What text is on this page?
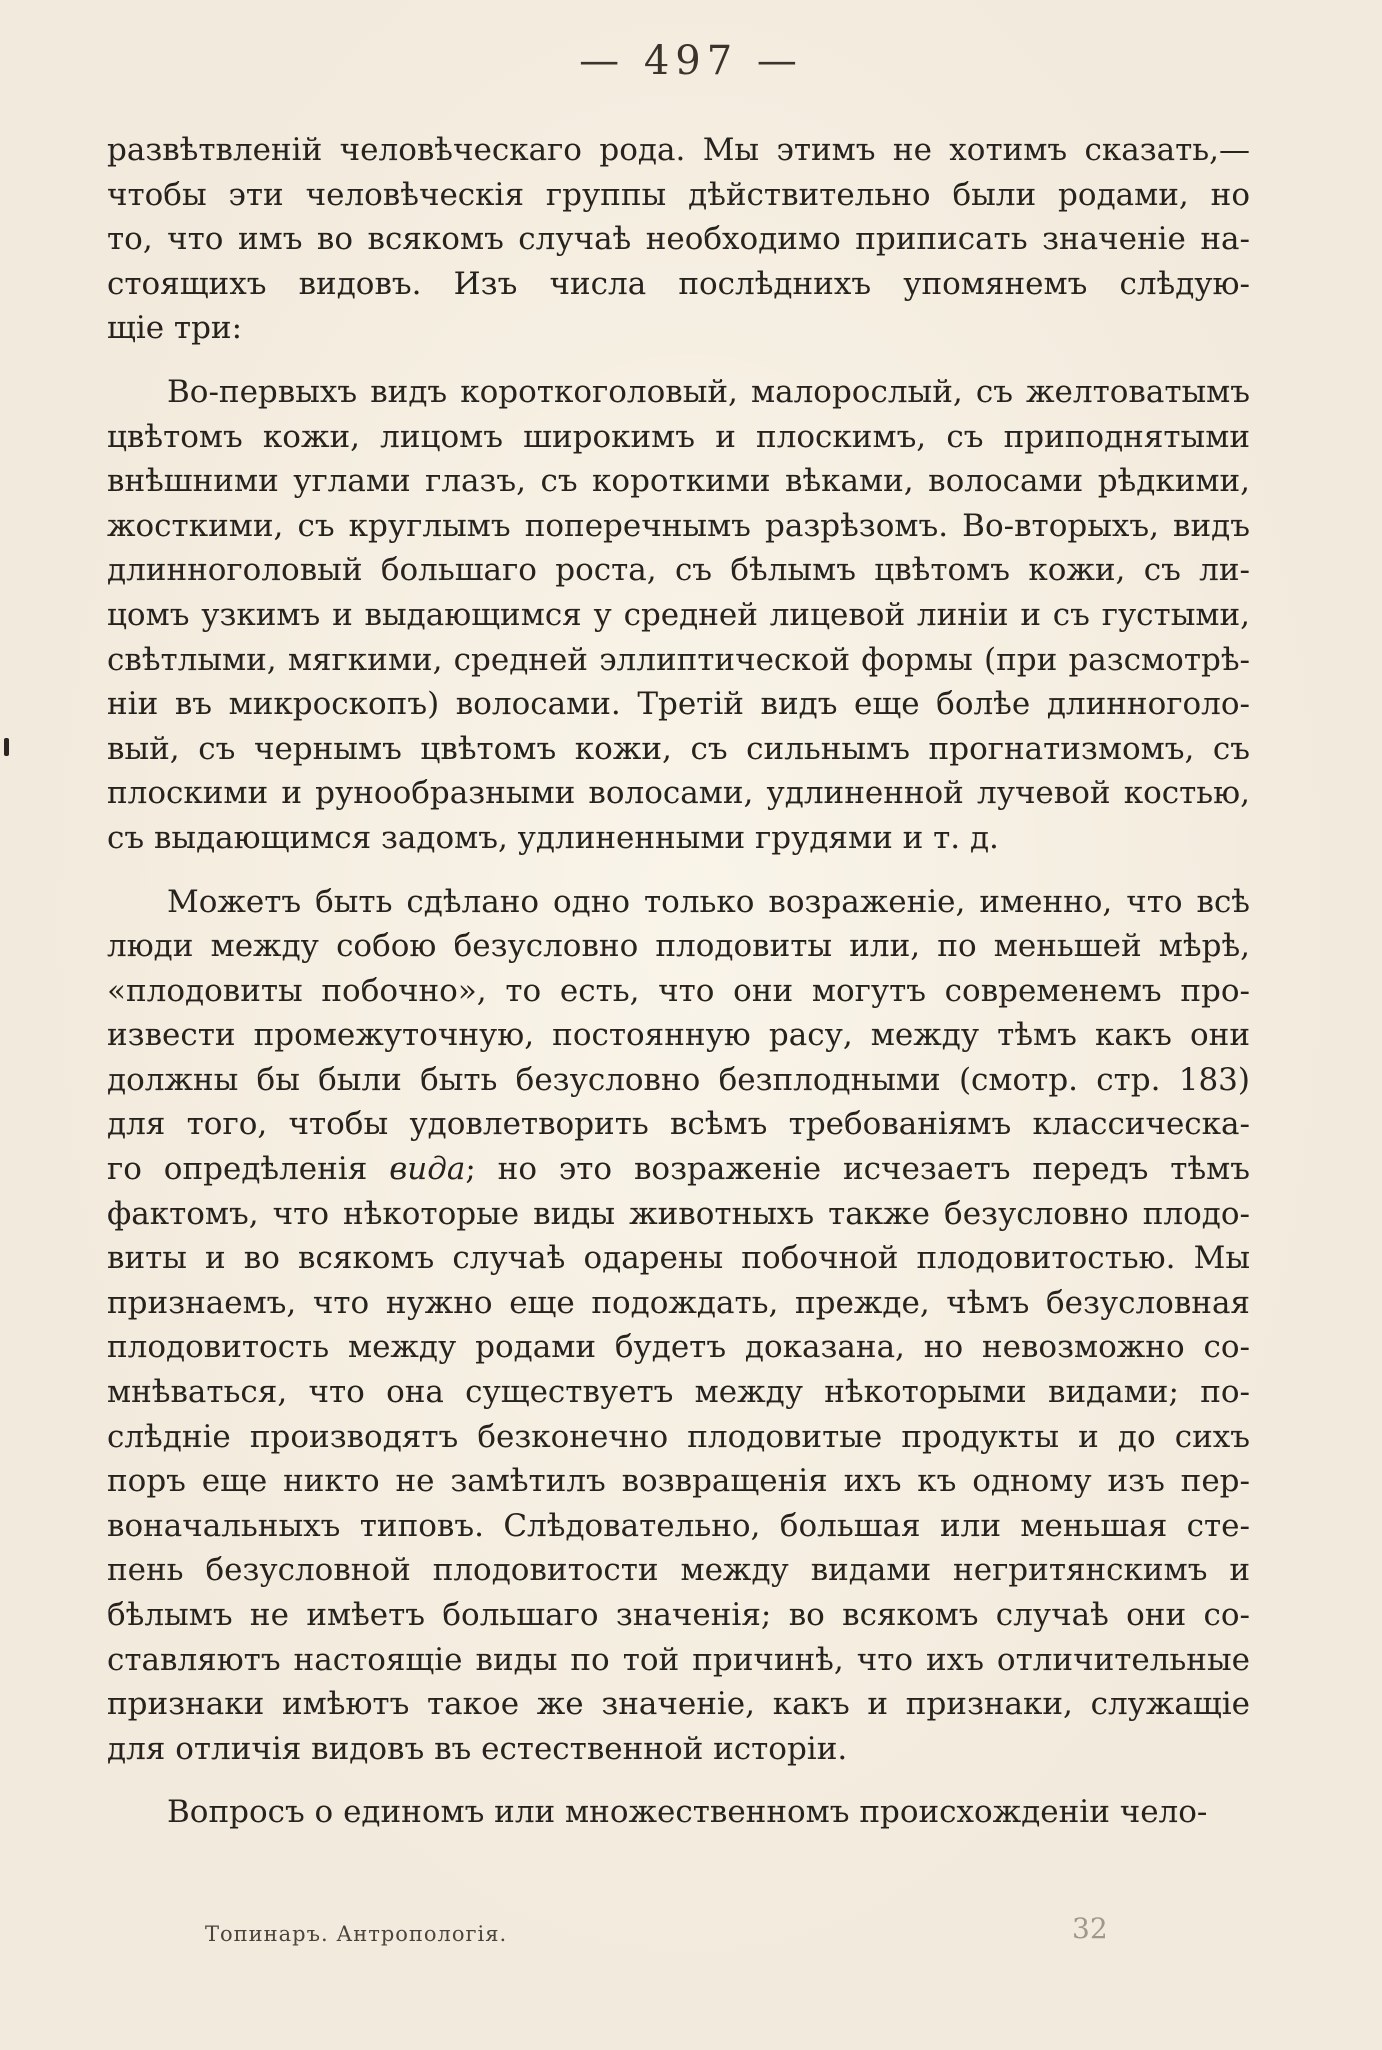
— 497 —

развѣтвленій человѣческаго рода. Мы этимъ не хотимъ сказать,—
чтобы эти человѣческія группы дѣйствительно были родами, но
то, что имъ во всякомъ случаѣ необходимо приписать значеніе на-
стоящихъ видовъ. Изъ числа послѣднихъ упомянемъ слѣдую-
щіе три:

Во-первыхъ видъ короткоголовый, малорослый, съ желтоватымъ
цвѣтомъ кожи, лицомъ широкимъ и плоскимъ, съ приподнятыми
внѣшними углами глазъ, съ короткими вѣками, волосами рѣдкими,
жосткими, съ круглымъ поперечнымъ разрѣзомъ. Во-вторыхъ, видъ
длинноголовый большаго роста, съ бѣлымъ цвѣтомъ кожи, съ ли-
цомъ узкимъ и выдающимся у средней лицевой линіи и съ густыми,
свѣтлыми, мягкими, средней эллиптической формы (при разсмотрѣ-
ніи въ микроскопъ) волосами. Третій видъ еще болѣе длинноголо-
вый, съ чернымъ цвѣтомъ кожи, съ сильнымъ прогнатизмомъ, съ
плоскими и рунообразными волосами, удлиненной лучевой костью,
съ выдающимся задомъ, удлиненными грудями и т. д.

Можетъ быть сдѣлано одно только возраженіе, именно, что всѣ
люди между собою безусловно плодовиты или, по меньшей мѣрѣ,
«плодовиты побочно», то есть, что они могутъ современемъ про-
извести промежуточную, постоянную расу, между тѣмъ какъ они
должны бы были быть безусловно безплодными (смотр. стр. 183)
для того, чтобы удовлетворить всѣмъ требованіямъ классическа-
го опредѣленія вида; но это возраженіе исчезаетъ передъ тѣмъ
фактомъ, что нѣкоторые виды животныхъ также безусловно плодо-
виты и во всякомъ случаѣ одарены побочной плодовитостью. Мы
признаемъ, что нужно еще подождать, прежде, чѣмъ безусловная
плодовитость между родами будетъ доказана, но невозможно со-
мнѣваться, что она существуетъ между нѣкоторыми видами; по-
слѣдніе производятъ безконечно плодовитые продукты и до сихъ
поръ еще никто не замѣтилъ возвращенія ихъ къ одному изъ пер-
воначальныхъ типовъ. Слѣдовательно, большая или меньшая сте-
пень безусловной плодовитости между видами негритянскимъ и
бѣлымъ не имѣетъ большаго значенія; во всякомъ случаѣ они со-
ставляютъ настоящіе виды по той причинѣ, что ихъ отличительные
признаки имѣютъ такое же значеніе, какъ и признаки, служащіе
для отличія видовъ въ естественной исторіи.

Вопросъ о единомъ или множественномъ происхожденіи чело-

Топинаръ. Антропологія.	32
